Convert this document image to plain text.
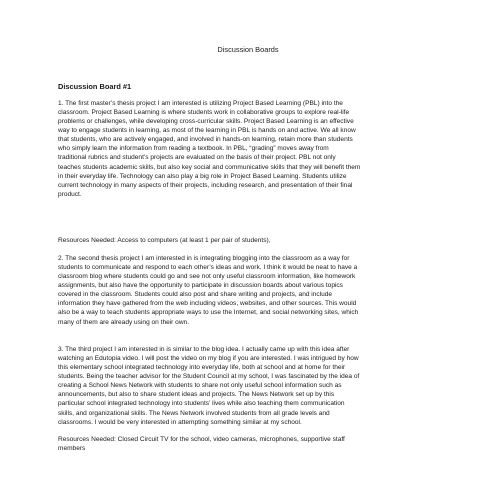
Discussion Boards
Discussion Board #1

1. The first master’s thesis project I am interested is utilizing Project Based Learning (PBL) into the
classroom. Project Based Learning is where students work in collaborative groups to explore real-life
problems or challenges, while developing cross-curricular skills. Project Based Learning is an effective
way to engage students in learning, as most of the learning in PBL is hands on and active. We all know
that students, who are actively engaged, and involved in hands-on learning, retain more than students
who simply learn the information from reading a textbook. In PBL, “grading” moves away from
traditional rubrics and student’s projects are evaluated on the basis of their project. PBL not only
teaches students academic skills, but also key social and communicative skills that they will benefit them
in their everyday life. Technology can also play a big role in Project Based Learning. Students utilize
current technology in many aspects of their projects, including research, and presentation of their final
product.

Resources Needed: Access to computers (at least 1 per pair of students),

2. The second thesis project I am interested in is integrating blogging into the classroom as a way for
students to communicate and respond to each other’s ideas and work. I think it would be neat to have a
classroom blog where students could go and see not only useful classroom information, like homework
assignments, but also have the opportunity to participate in discussion boards about various topics
covered in the classroom. Students could also post and share writing and projects, and include
information they have gathered from the web including videos, websites, and other sources. This would
also be a way to teach students appropriate ways to use the Internet, and social networking sites, which
many of them are already using on their own.

3. The third project I am interested in is similar to the blog idea. I actually came up with this idea after
watching an Edutopia video. I will post the video on my blog if you are interested. I was intrigued by how
this elementary school integrated technology into everyday life, both at school and at home for their
students. Being the teacher advisor for the Student Council at my school, I was fascinated by the idea of
creating a School News Network with students to share not only useful school information such as
announcements, but also to share student ideas and projects. The News Network set up by this
particular school integrated technology into students’ lives while also teaching them communication
skills, and organizational skills. The News Network involved students from all grade levels and
classrooms. I would be very interested in attempting something similar at my school.

Resources Needed: Closed Circuit TV for the school, video cameras, microphones, supportive staff
members
